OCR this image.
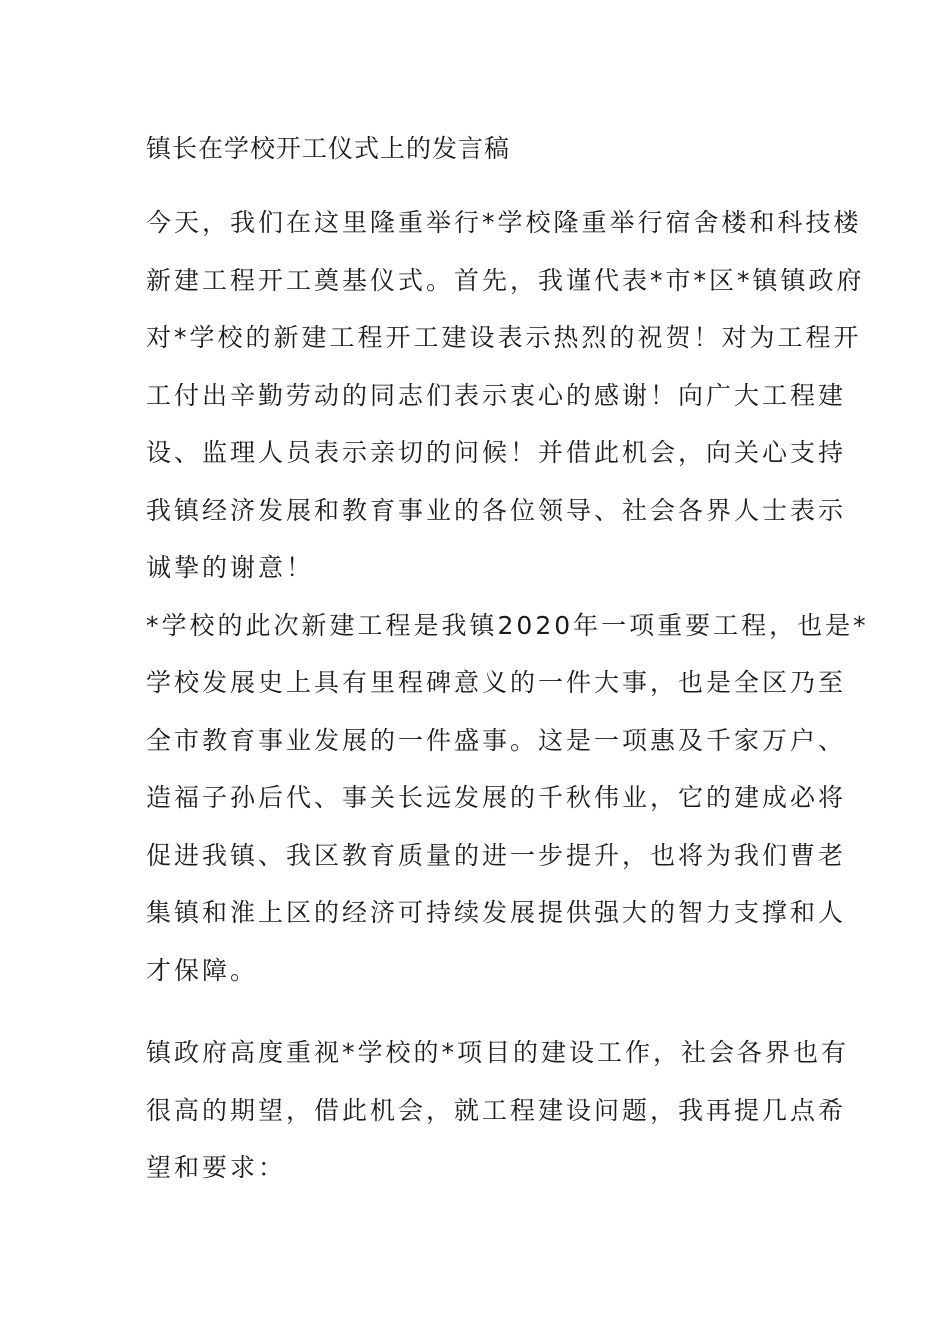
镇长在学校开工仪式上的发言稿

今天，我们在这里隆重举行*学校隆重举行宿舍楼和科技楼
新建工程开工奠基仪式。首先，我谨代表*市*区*镇镇政府
对*学校的新建工程开工建设表示热烈的祝贺！对为工程开
工付出辛勤劳动的同志们表示衷心的感谢！向广大工程建
设、监理人员表示亲切的问候！并借此机会，向关心支持
我镇经济发展和教育事业的各位领导、社会各界人士表示
诚挚的谢意！

*学校的此次新建工程是我镇2020年一项重要工程，也是*
学校发展史上具有里程碑意义的一件大事，也是全区乃至
全市教育事业发展的一件盛事。这是一项惠及千家万户、
造福子孙后代、事关长远发展的千秋伟业，它的建成必将
促进我镇、我区教育质量的进一步提升，也将为我们曹老
集镇和淮上区的经济可持续发展提供强大的智力支撑和人
才保障。

镇政府高度重视*学校的*项目的建设工作，社会各界也有
很高的期望，借此机会，就工程建设问题，我再提几点希
望和要求：
